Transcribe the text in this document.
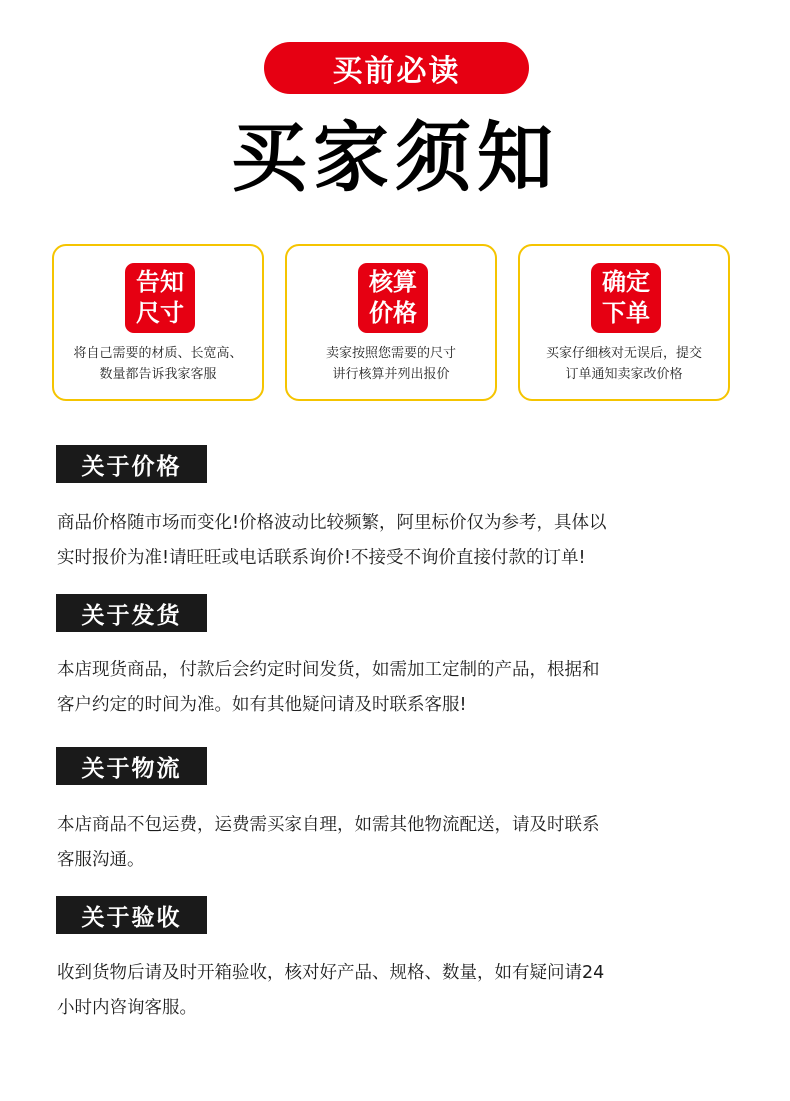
买前必读
买家须知
告知
尺寸
将自己需要的材质、长宽高、
数量都告诉我家客服
核算
价格
卖家按照您需要的尺寸
讲行核算并列出报价
确定
下单
买家仔细核对无误后，提交
订单通知卖家改价格
关于价格
商品价格随市场而变化!价格波动比较频繁，阿里标价仅为参考，具体以
实时报价为准!请旺旺或电话联系询价!不接受不询价直接付款的订单!
关于发货
本店现货商品，付款后会约定时间发货，如需加工定制的产品，根据和
客户约定的时间为准。如有其他疑问请及时联系客服!
关于物流
本店商品不包运费，运费需买家自理，如需其他物流配送，请及时联系
客服沟通。
关于验收
收到货物后请及时开箱验收，核对好产品、规格、数量，如有疑问请24
小时内咨询客服。
